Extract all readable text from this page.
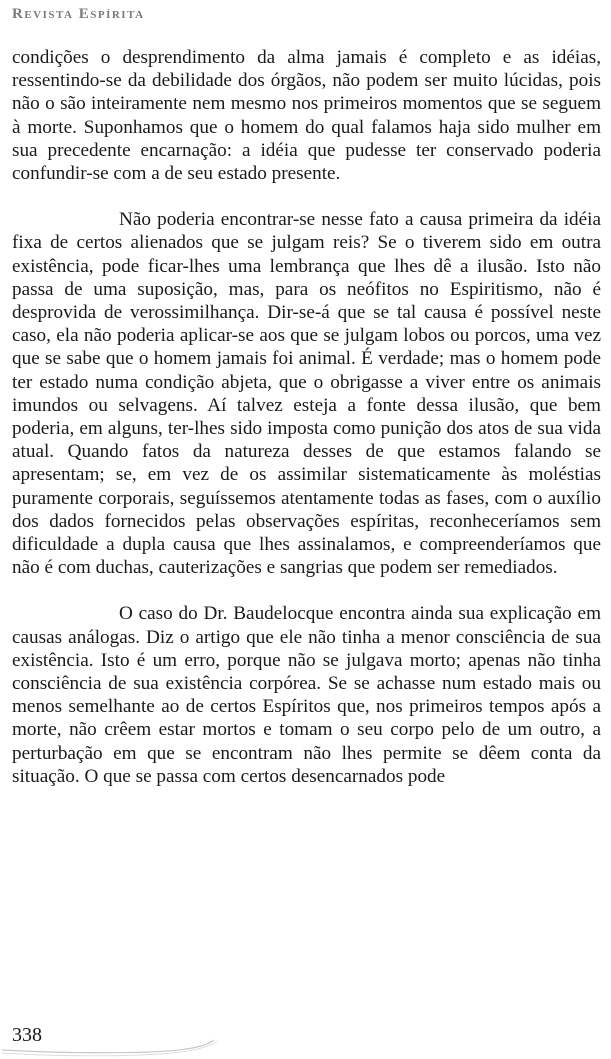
Revista Espírita

condições o desprendimento da alma jamais é completo e as idéias, ressentindo-se da debilidade dos órgãos, não podem ser muito lúcidas, pois não o são inteiramente nem mesmo nos primeiros momentos que se seguem à morte. Suponhamos que o homem do qual falamos haja sido mulher em sua precedente encarnação: a idéia que pudesse ter conservado poderia confundir-se com a de seu estado presente.

Não poderia encontrar-se nesse fato a causa primeira da idéia fixa de certos alienados que se julgam reis? Se o tiverem sido em outra existência, pode ficar-lhes uma lembrança que lhes dê a ilusão. Isto não passa de uma suposição, mas, para os neófitos no Espiritismo, não é desprovida de verossimilhança. Dir-se-á que se tal causa é possível neste caso, ela não poderia aplicar-se aos que se julgam lobos ou porcos, uma vez que se sabe que o homem jamais foi animal. É verdade; mas o homem pode ter estado numa condição abjeta, que o obrigasse a viver entre os animais imundos ou selvagens. Aí talvez esteja a fonte dessa ilusão, que bem poderia, em alguns, ter-lhes sido imposta como punição dos atos de sua vida atual. Quando fatos da natureza desses de que estamos falando se apresentam; se, em vez de os assimilar sistematicamente às moléstias puramente corporais, seguíssemos atentamente todas as fases, com o auxílio dos dados fornecidos pelas observações espíritas, reconheceríamos sem dificuldade a dupla causa que lhes assinalamos, e compreenderíamos que não é com duchas, cauterizações e sangrias que podem ser remediados.

O caso do Dr. Baudelocque encontra ainda sua explicação em causas análogas. Diz o artigo que ele não tinha a menor consciência de sua existência. Isto é um erro, porque não se julgava morto; apenas não tinha consciência de sua existência corpórea. Se se achasse num estado mais ou menos semelhante ao de certos Espíritos que, nos primeiros tempos após a morte, não crêem estar mortos e tomam o seu corpo pelo de um outro, a perturbação em que se encontram não lhes permite se dêem conta da situação. O que se passa com certos desencarnados pode

338
